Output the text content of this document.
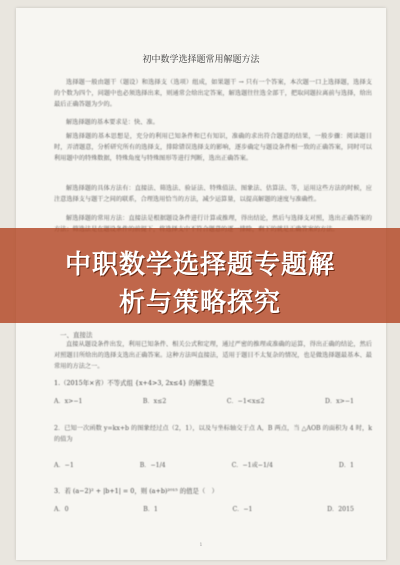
初中数学选择题常用解题方法

选择题一般由题干（题设）和选择支（选项）组成，如果题干 → 只有一个答案，本次题一口上选择题，选择支的个数为四个，问题中也必须选择出来，则通常会给出定答案，解选题往往选全部干，把取问题拉离前与选择，给出最后正确答题为少的。

解选择题的基本要求是：快、准。

解选择题的基本思想是，充分的利用已知条件和已有知识，准确的求出符合题意的结果，一般步骤：阅读题目时，弄清题意，分析研究所有的选择支，排除错误选择支的影响，逐步确定与题设条件相一致的正确答案，同时可以利用题中的特殊数据，特殊角度与特殊图形等进行判断，选出正确答案。

解选择题的具体方法有：直接法、筛选法、验证法、特殊值法、图象法、估算法、等，运用这些方法的时候，应注意选择支与题干之间的联系，合理选用恰当的方法，减少运算量，以提高解题的速度与准确性。

解选择题的常用方法：直接法是根据题设条件进行计算或推理，得出结论，然后与选择支对照，选出正确答案的

一、直接法

直接从题设条件出发，利用已知条件、相关公式和定理，通过严密的推理或准确的运算，得出正确的结论，然后对照题目所给出的选择支选出正确答案。这种方法叫直接法，适用于题目不太复杂的情况，也是做选择题最基本、最常用的方法之一。

1.（2015年×省）不等式组 {x+4>3, 2x≤4} 的解集是
A．x>−1	B．x≤2	C．−1<x≤2	D．x>−1

2．已知一次函数 y=kx+b 的图象经过点（2，1），以及与坐标轴交于点 A，B 两点，当 △AOB 的面积为 4 时，k 的值为

A．−1	B．−1/4	C．−1或−1/4	D．1
3．若 (a−2)² + |b+1| = 0，则 (a+b)²⁰¹⁵ 的值是（　）
A．0	B．1	C．−1	D．2015
1
中职数学选择题专题解
析与策略探究
